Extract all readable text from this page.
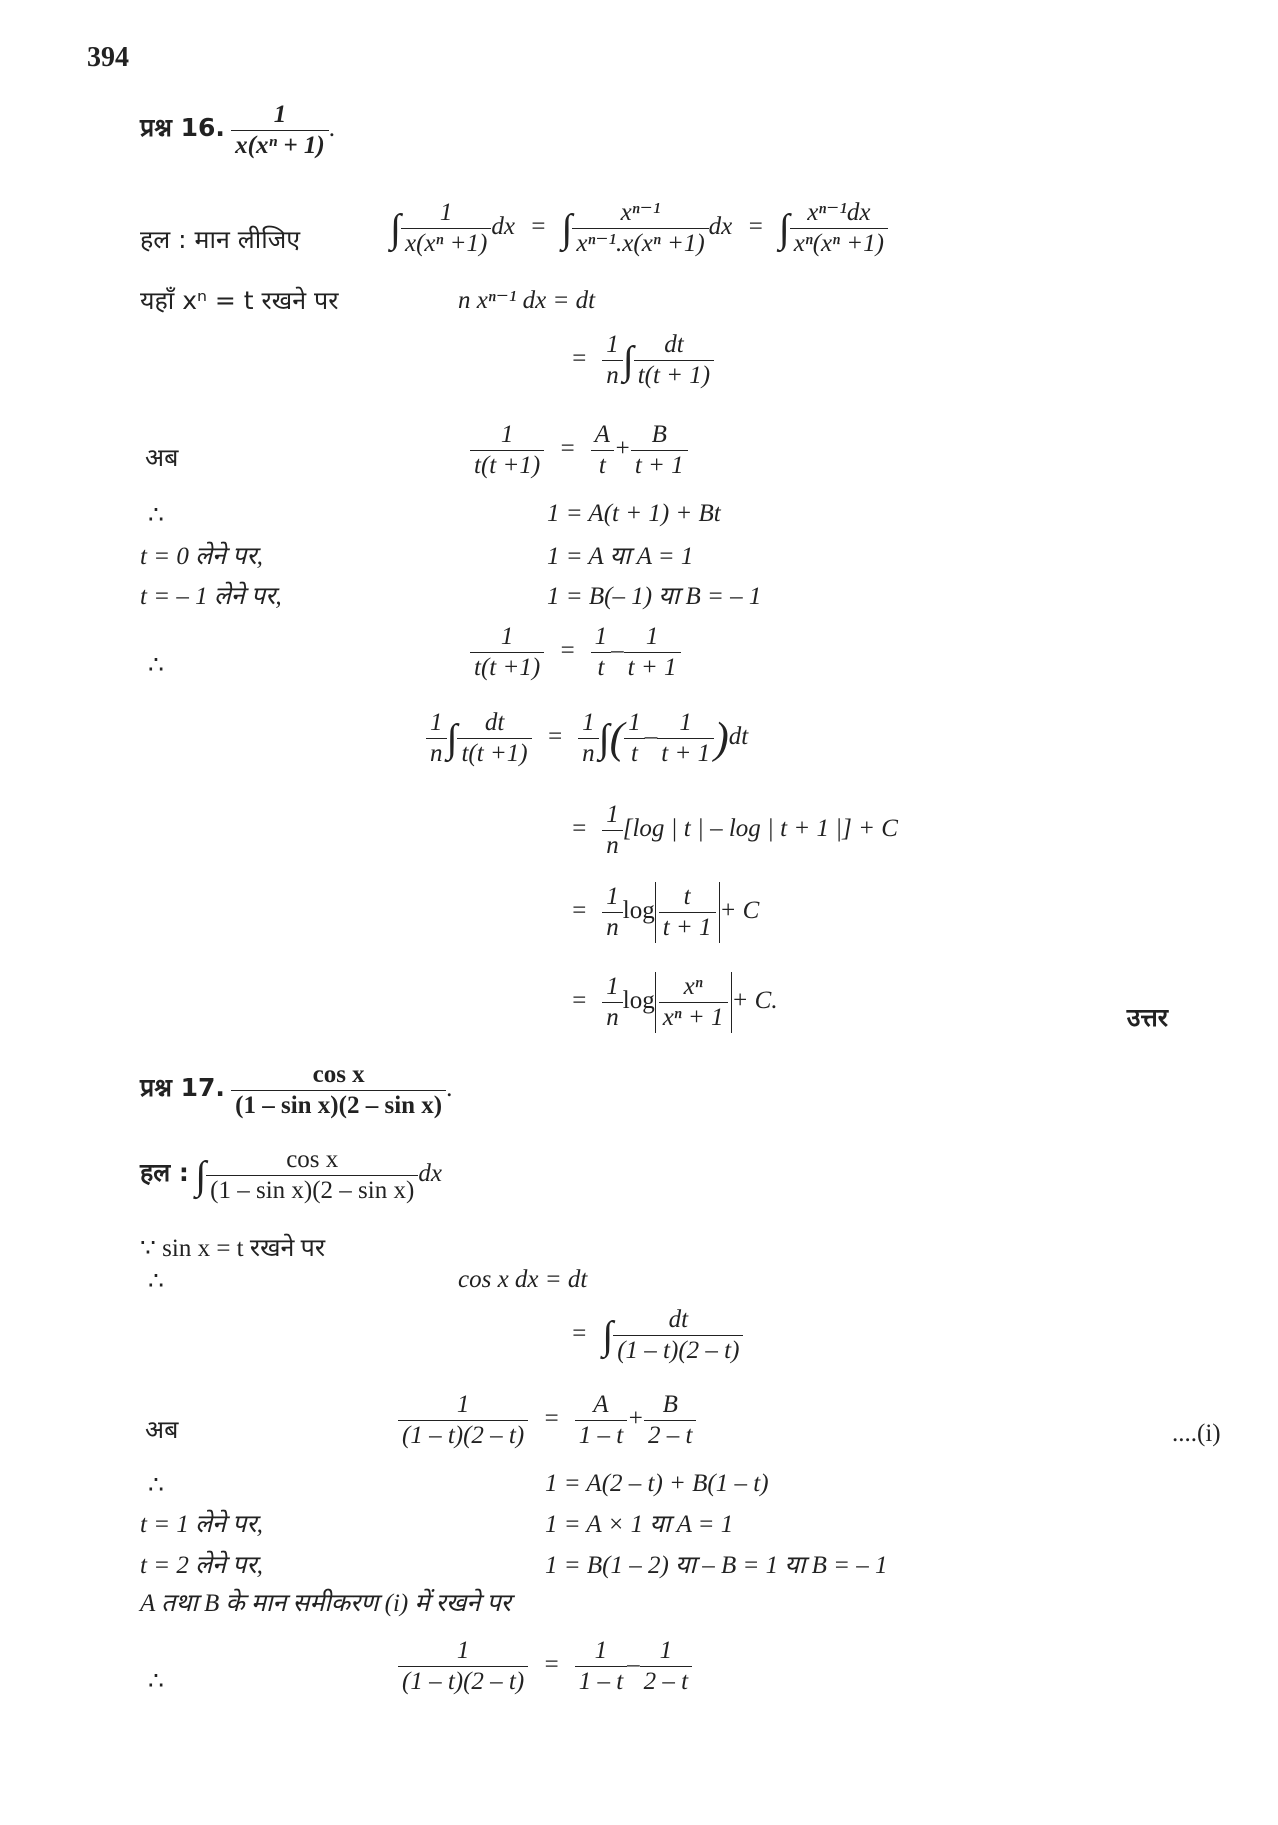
394
प्रश्न 16. $\frac{1}{\text{x(xⁿ + 1)}}$ .
हल : मान लीजिए ∫ $\frac{1}{\text{x(xⁿ +1)}}$ dx = ∫ $\frac{\text{xⁿ⁻¹}}{\text{xⁿ⁻¹.x(xⁿ +1)}}$ dx = ∫ $\frac{\text{xⁿ⁻¹dx}}{\text{xⁿ(xⁿ +1)}}$
यहाँ xⁿ = t रखने पर	n xⁿ⁻¹ dx = dt
= $\frac{1}{n}$ ∫ $\frac{dt}{t(t + 1)}$
अब	$\frac{1}{t(t +1)} = \frac{A}{t} + \frac{B}{t + 1}$
∴	1 = A(t + 1) + Bt
t = 0 लेने पर,	1 = A या A = 1
t = – 1 लेने पर,	1 = B(– 1) या B = – 1
∴	$\frac{1}{t(t +1)} = \frac{1}{t} - \frac{1}{t + 1}$
$\frac{1}{n}$ ∫ $\frac{dt}{t(t +1)} = \frac{1}{n}$ ∫( $\frac{1}{t} - \frac{1}{t + 1} )dt$
= $\frac{1}{n} [\log$ | t | – log | t + 1 |] + C
= $\frac{1}{n}$ $\log \frac{t}{t + 1} + C$
= $\frac{1}{n}$ $\log \frac{\text{xⁿ}}{\text{xⁿ + 1}} + C$.
उत्तर
प्रश्न 17. $\frac{\text{cos x}}{\text{(1 – sin x)(2 – sin x)}}$ .
हल : ∫ $\frac{\text{cos x}}{\text{(1 – sin x)(2 – sin x)}}$ dx
∵ sin x = t रखने पर
∴	cos x dx = dt
= ∫ $\frac{dt}{(1 - t)(2 - t)}$
अब	$\frac{1}{(1 - t)(2 - t)} = \frac{A}{1 - t} + \frac{B}{2 - t}$	....(i)
∴	1 = A(2 – t) + B(1 – t)
t = 1 लेने पर,	1 = A × 1 या A = 1
t = 2 लेने पर,	1 = B(1 – 2) या – B = 1 या B = – 1
A तथा B के मान समीकरण (i) में रखने पर
∴	$\frac{1}{(1 - t)(2 - t)} = \frac{1}{1 - t} - \frac{1}{2 - t}$
